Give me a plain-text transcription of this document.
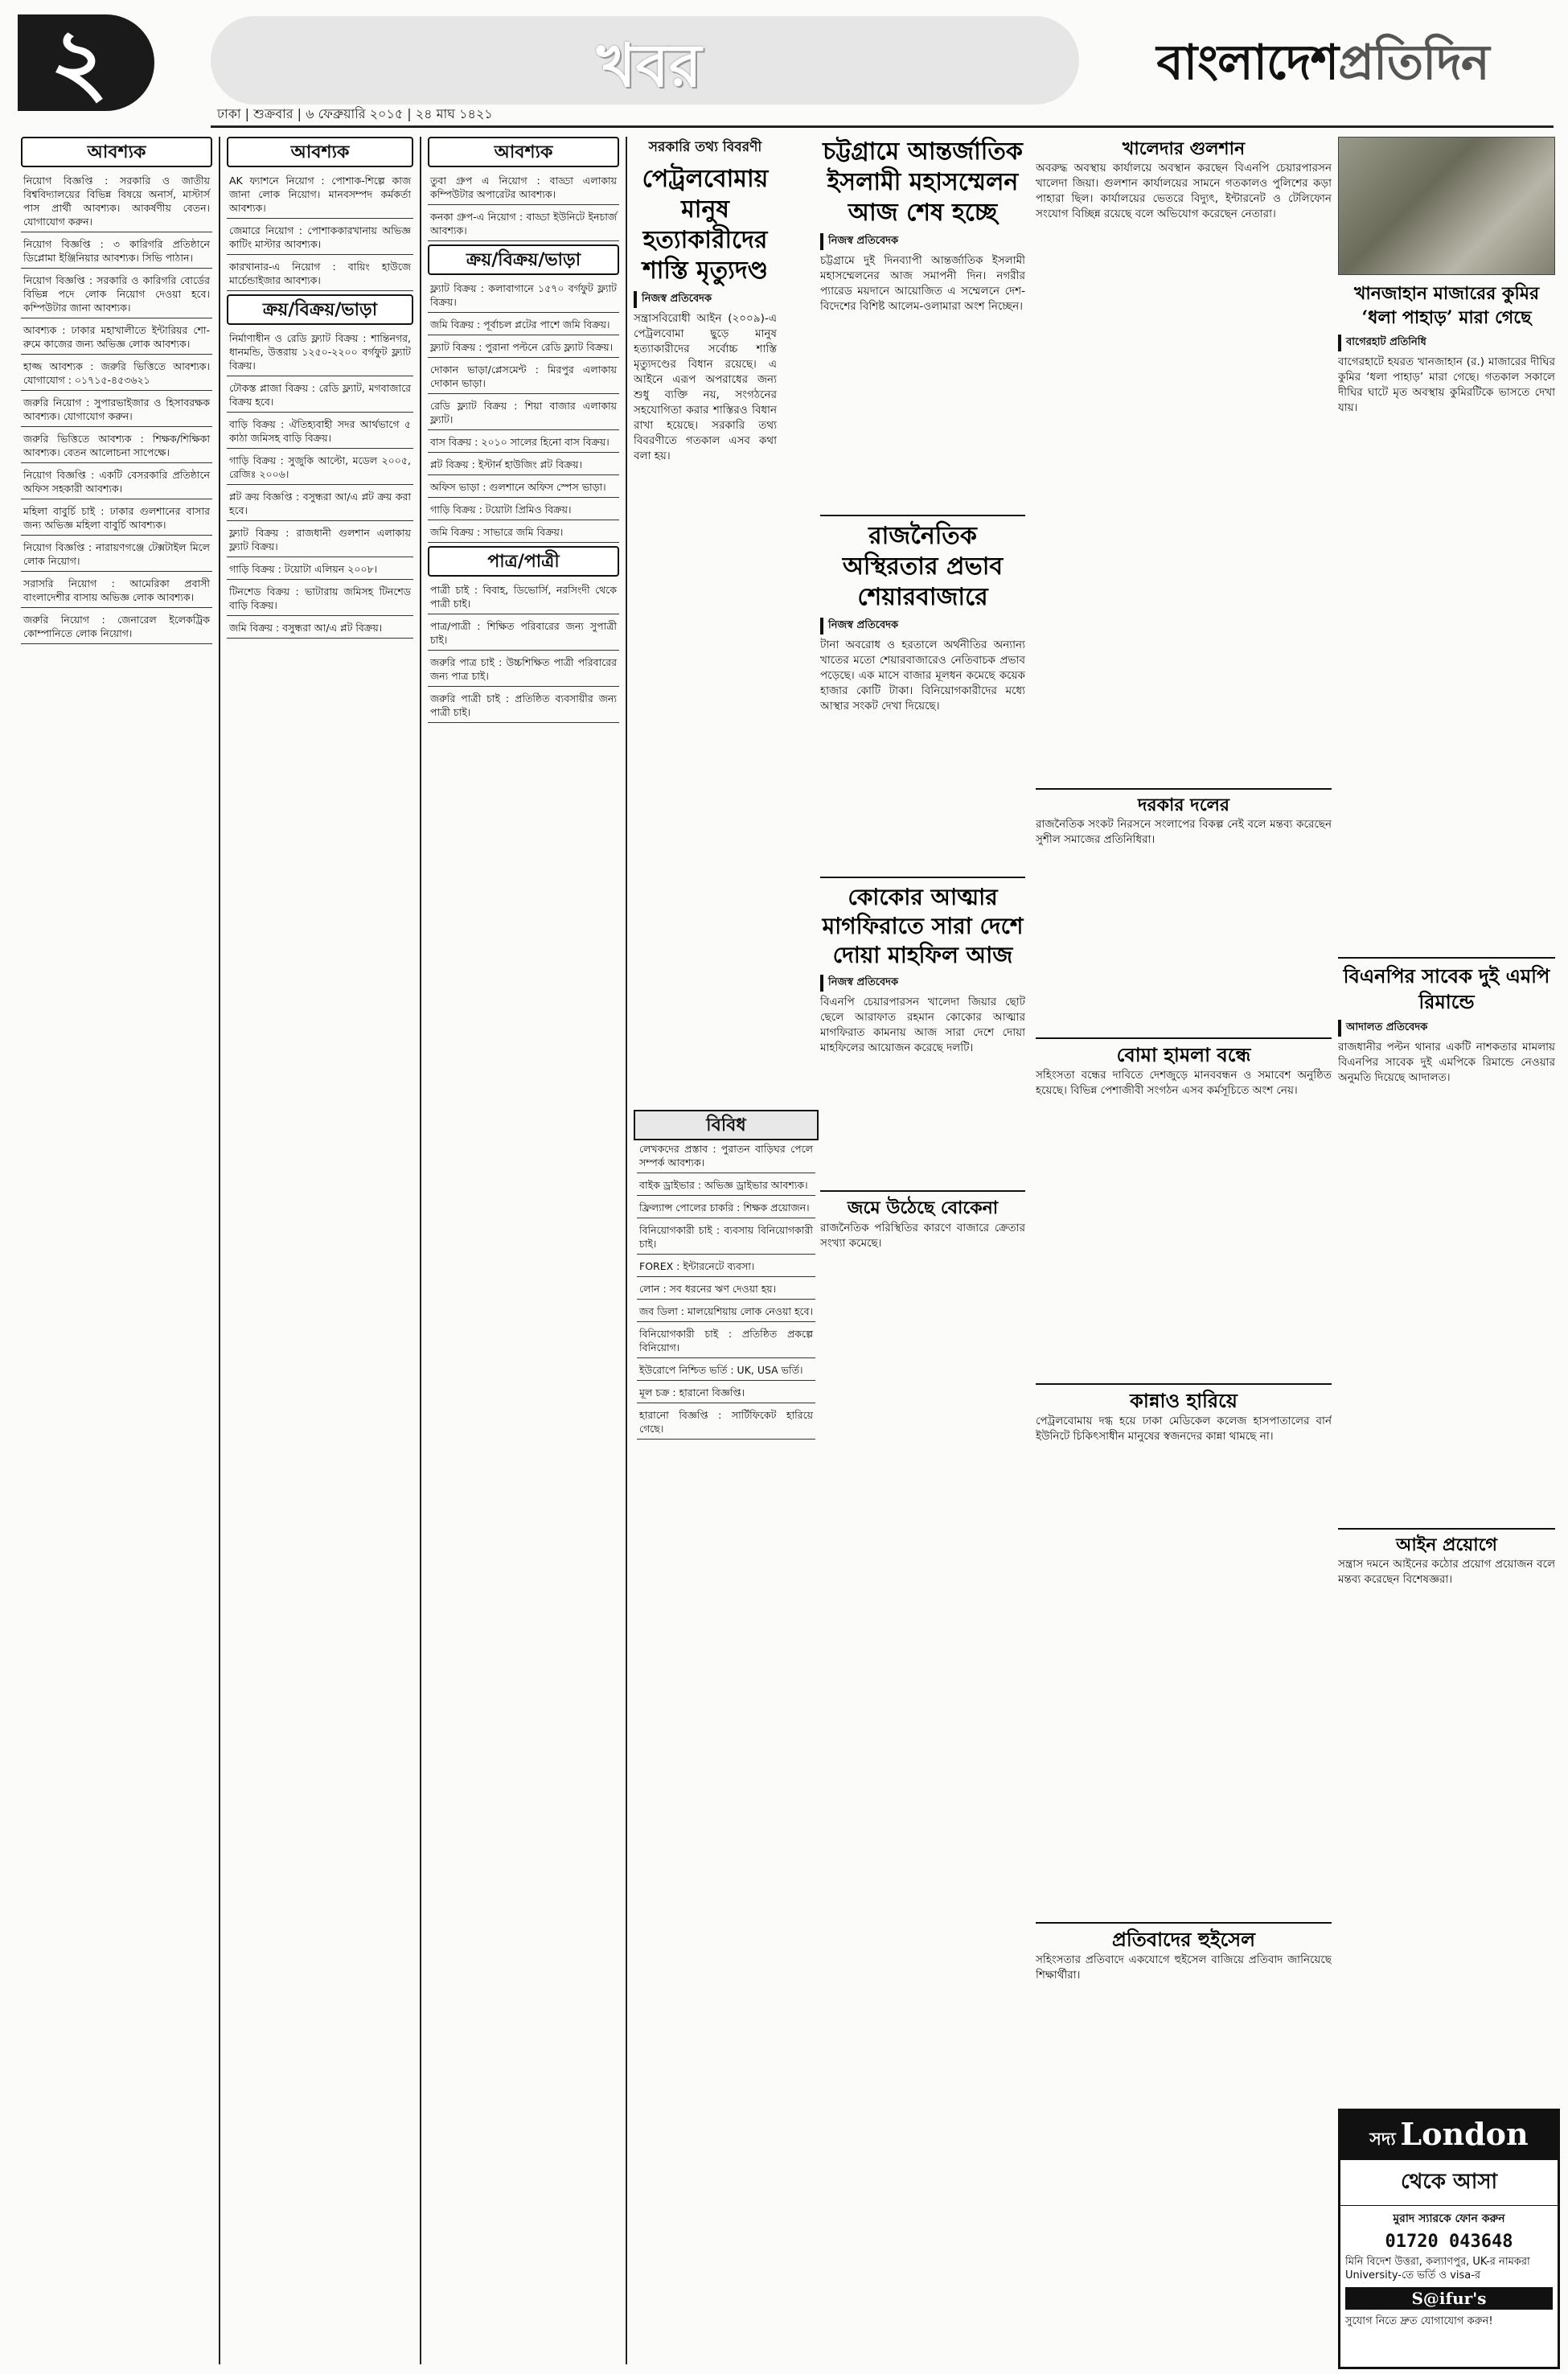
২	খবর	বাংলাদেশপ্রতিদিন
ঢাকা | শুক্রবার | ৬ ফেব্রুয়ারি ২০১৫ | ২৪ মাঘ ১৪২১
আবশ্যক
নিয়োগ বিজ্ঞপ্তি : সরকারি ও জাতীয় বিশ্ববিদ্যালয়ের বিভিন্ন বিষয়ে অনার্স, মাস্টার্স পাস প্রার্থী আবশ্যক। আকর্ষণীয় বেতন। যোগাযোগ করুন।
নিয়োগ বিজ্ঞপ্তি : ৩ কারিগরি প্রতিষ্ঠানে ডিপ্লোমা ইঞ্জিনিয়ার আবশ্যক। সিভি পাঠান।
নিয়োগ বিজ্ঞপ্তি : সরকারি ও কারিগরি বোর্ডের বিভিন্ন পদে লোক নিয়োগ দেওয়া হবে। কম্পিউটার জানা আবশ্যক।
আবশ্যক : ঢাকার মহাখালীতে ইন্টারিয়র শো-রুমে কাজের জন্য অভিজ্ঞ লোক আবশ্যক।
হাজ্জ আবশ্যক : জরুরি ভিত্তিতে আবশ্যক। যোগাযোগ : ০১৭১৫-৪৫৩৬২১
জরুরি নিয়োগ : সুপারভাইজার ও হিসাবরক্ষক আবশ্যক। যোগাযোগ করুন।
জরুরি ভিত্তিতে আবশ্যক : শিক্ষক/শিক্ষিকা আবশ্যক। বেতন আলোচনা সাপেক্ষে।
নিয়োগ বিজ্ঞপ্তি : একটি বেসরকারি প্রতিষ্ঠানে অফিস সহকারী আবশ্যক।
মহিলা বাবুর্চি চাই : ঢাকার গুলশানের বাসার জন্য অভিজ্ঞ মহিলা বাবুর্চি আবশ্যক।
নিয়োগ বিজ্ঞপ্তি : নারায়ণগঞ্জে টেক্সটাইল মিলে লোক নিয়োগ।
সরাসরি নিয়োগ : আমেরিকা প্রবাসী বাংলাদেশীর বাসায় অভিজ্ঞ লোক আবশ্যক।
জরুরি নিয়োগ : জেনারেল ইলেকট্রিক কোম্পানিতে লোক নিয়োগ।
আবশ্যক
AK ফ্যাশনে নিয়োগ : পোশাক-শিল্পে কাজ জানা লোক নিয়োগ। মানবসম্পদ কর্মকর্তা আবশ্যক।
জেমারে নিয়োগ : পোশাককারখানায় অভিজ্ঞ কাটিং মাস্টার আবশ্যক।
কারখানার-এ নিয়োগ : বায়িং হাউজে মার্চেন্ডাইজার আবশ্যক।
ক্রয়/বিক্রয়/ভাড়া
নির্মাণাধীন ও রেডি ফ্ল্যাট বিক্রয় : শান্তিনগর, ধানমন্ডি, উত্তরায় ১২৫০-২২০০ বর্গফুট ফ্ল্যাট বিক্রয়।
ঢৌকস্ত প্লাজা বিক্রয় : রেডি ফ্ল্যাট, মগবাজারে বিক্রয় হবে।
বাড়ি বিক্রয় : ঐতিহ্যবাহী সদর আর্থভাগে ৫ কাঠা জমিসহ বাড়ি বিক্রয়।
গাড়ি বিক্রয় : সুজুকি আল্টো, মডেল ২০০৫, রেজিঃ ২০০৬।
প্লট ক্রয় বিজ্ঞপ্তি : বসুন্ধরা আ/এ প্লট ক্রয় করা হবে।
ফ্ল্যাট বিক্রয় : রাজধানী গুলশান এলাকায় ফ্ল্যাট বিক্রয়।
গাড়ি বিক্রয় : টয়োটা এলিয়ন ২০০৮।
টিনশেড বিক্রয় : ভাটারায় জমিসহ টিনশেড বাড়ি বিক্রয়।
জমি বিক্রয় : বসুন্ধরা আ/এ প্লট বিক্রয়।
আবশ্যক
তুবা গ্রুপ এ নিয়োগ : বাড্ডা এলাকায় কম্পিউটার অপারেটর আবশ্যক।
কনকা গ্রুপ-এ নিয়োগ : বাড্ডা ইউনিটে ইনচার্জ আবশ্যক।
ক্রয়/বিক্রয়/ভাড়া
ফ্ল্যাট বিক্রয় : কলাবাগানে ১৫৭০ বর্গফুট ফ্ল্যাট বিক্রয়।
জমি বিক্রয় : পূর্বাচল প্লটের পাশে জমি বিক্রয়।
ফ্ল্যাট বিক্রয় : পুরানা পল্টনে রেডি ফ্ল্যাট বিক্রয়।
দোকান ভাড়া/প্লেসমেন্ট : মিরপুর এলাকায় দোকান ভাড়া।
রেডি ফ্ল্যাট বিক্রয় : শিয়া বাজার এলাকায় ফ্ল্যাট।
বাস বিক্রয় : ২০১০ সালের হিনো বাস বিক্রয়।
প্লট বিক্রয় : ইস্টার্ন হাউজিং প্লট বিক্রয়।
অফিস ভাড়া : গুলশানে অফিস স্পেস ভাড়া।
গাড়ি বিক্রয় : টয়োটা প্রিমিও বিক্রয়।
জমি বিক্রয় : সাভারে জমি বিক্রয়।
পাত্র/পাত্রী
পাত্রী চাই : বিবাহ, ডিভোর্সি, নরসিংদী থেকে পাত্রী চাই।
পাত্র/পাত্রী : শিক্ষিত পরিবারের জন্য সুপাত্রী চাই।
জরুরি পাত্র চাই : উচ্চশিক্ষিত পাত্রী পরিবারের জন্য পাত্র চাই।
জরুরি পাত্রী চাই : প্রতিষ্ঠিত ব্যবসায়ীর জন্য পাত্রী চাই।
সরকারি তথ্য বিবরণী
পেট্রলবোমায় মানুষ হত্যাকারীদের শাস্তি মৃত্যুদণ্ড
নিজস্ব প্রতিবেদক
সন্ত্রাসবিরোধী আইন (২০০৯)-এ পেট্রলবোমা ছুড়ে মানুষ হত্যাকারীদের সর্বোচ্চ শাস্তি মৃত্যুদণ্ডের বিধান রয়েছে। এ আইনে এরূপ অপরাধের জন্য শুধু ব্যক্তি নয়, সংগঠনের সহযোগিতা করার শাস্তিরও বিধান রাখা হয়েছে। সরকারি তথ্য বিবরণীতে গতকাল এসব কথা বলা হয়।
চট্টগ্রামে আন্তর্জাতিক ইসলামী মহাসম্মেলন আজ শেষ হচ্ছে
নিজস্ব প্রতিবেদক
চট্টগ্রামে দুই দিনব্যাপী আন্তর্জাতিক ইসলামী মহাসম্মেলনের আজ সমাপনী দিন। নগরীর প্যারেড ময়দানে আয়োজিত এ সম্মেলনে দেশ-বিদেশের বিশিষ্ট আলেম-ওলামারা অংশ নিচ্ছেন।
রাজনৈতিক অস্থিরতার প্রভাব শেয়ারবাজারে
নিজস্ব প্রতিবেদক
টানা অবরোধ ও হরতালে অর্থনীতির অন্যান্য খাতের মতো শেয়ারবাজারেও নেতিবাচক প্রভাব পড়েছে। এক মাসে বাজার মূলধন কমেছে কয়েক হাজার কোটি টাকা। বিনিয়োগকারীদের মধ্যে আস্থার সংকট দেখা দিয়েছে।
বিবিধ
লেখকদের প্রস্তাব : পুরাতন বাড়িঘর পেলে সম্পর্ক আবশ্যক।
বাইক ড্রাইভার : অভিজ্ঞ ড্রাইভার আবশ্যক।
ফ্রিল্যান্স পোলের চাকরি : শিক্ষক প্রয়োজন।
বিনিয়োগকারী চাই : ব্যবসায় বিনিয়োগকারী চাই।
FOREX : ইন্টারনেটে ব্যবসা।
লোন : সব ধরনের ঋণ দেওয়া হয়।
জব ডিলা : মালয়েশিয়ায় লোক নেওয়া হবে।
বিনিয়োগকারী চাই : প্রতিষ্ঠিত প্রকল্পে বিনিয়োগ।
ইউরোপে নিশ্চিত ভর্তি : UK, USA ভর্তি।
মূল চক্র : হারানো বিজ্ঞপ্তি।
হারানো বিজ্ঞপ্তি : সার্টিফিকেট হারিয়ে গেছে।
কোকোর আত্মার মাগফিরাতে সারা দেশে দোয়া মাহফিল আজ
নিজস্ব প্রতিবেদক
বিএনপি চেয়ারপারসন খালেদা জিয়ার ছোট ছেলে আরাফাত রহমান কোকোর আত্মার মাগফিরাত কামনায় আজ সারা দেশে দোয়া মাহফিলের আয়োজন করেছে দলটি।
জমে উঠেছে বোকেনা
রাজনৈতিক পরিস্থিতির কারণে বাজারে ক্রেতার সংখ্যা কমেছে।
খালেদার গুলশান
অবরুদ্ধ অবস্থায় কার্যালয়ে অবস্থান করছেন বিএনপি চেয়ারপারসন খালেদা জিয়া। গুলশান কার্যালয়ের সামনে গতকালও পুলিশের কড়া পাহারা ছিল। কার্যালয়ের ভেতরে বিদ্যুৎ, ইন্টারনেট ও টেলিফোন সংযোগ বিচ্ছিন্ন রয়েছে বলে অভিযোগ করেছেন নেতারা।
দরকার দলের
রাজনৈতিক সংকট নিরসনে সংলাপের বিকল্প নেই বলে মন্তব্য করেছেন সুশীল সমাজের প্রতিনিধিরা।
বোমা হামলা বন্ধে
সহিংসতা বন্ধের দাবিতে দেশজুড়ে মানববন্ধন ও সমাবেশ অনুষ্ঠিত হয়েছে। বিভিন্ন পেশাজীবী সংগঠন এসব কর্মসূচিতে অংশ নেয়।
কান্নাও হারিয়ে
পেট্রলবোমায় দগ্ধ হয়ে ঢাকা মেডিকেল কলেজ হাসপাতালের বার্ন ইউনিটে চিকিৎসাধীন মানুষের স্বজনদের কান্না থামছে না।
প্রতিবাদের হুইসেল
সহিংসতার প্রতিবাদে একযোগে হুইসেল বাজিয়ে প্রতিবাদ জানিয়েছে শিক্ষার্থীরা।
খানজাহান মাজারের কুমির ‘ধলা পাহাড়’ মারা গেছে
বাগেরহাট প্রতিনিধি
বাগেরহাটে হযরত খানজাহান (র.) মাজারের দীঘির কুমির ‘ধলা পাহাড়’ মারা গেছে। গতকাল সকালে দীঘির ঘাটে মৃত অবস্থায় কুমিরটিকে ভাসতে দেখা যায়।
বিএনপির সাবেক দুই এমপি রিমান্ডে
আদালত প্রতিবেদক
রাজধানীর পল্টন থানার একটি নাশকতার মামলায় বিএনপির সাবেক দুই এমপিকে রিমান্ডে নেওয়ার অনুমতি দিয়েছে আদালত।
আইন প্রয়োগে
সন্ত্রাস দমনে আইনের কঠোর প্রয়োগ প্রয়োজন বলে মন্তব্য করেছেন বিশেষজ্ঞরা।
সদ্য London
থেকে আসা
মুরাদ স্যারকে ফোন করুন
01720 043648
মিনি বিদেশ উত্তরা, কল্যাণপুর, UK-র নামকরা University-তে ভর্তি ও visa-র
S@ifur's
সুযোগ নিতে দ্রুত যোগাযোগ করুন!
